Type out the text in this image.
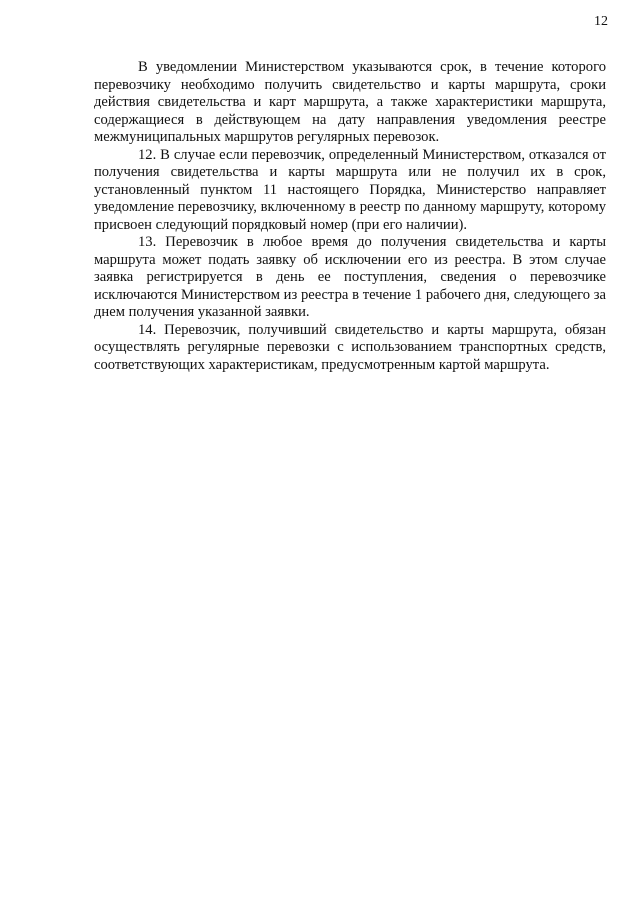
12

В уведомлении Министерством указываются срок, в течение которого перевозчику необходимо получить свидетельство и карты маршрута, сроки действия свидетельства и карт маршрута, а также характеристики маршрута, содержащиеся в действующем на дату направления уведомления реестре межмуниципальных маршрутов регулярных перевозок.

12. В случае если перевозчик, определенный Министерством, отказался от получения свидетельства и карты маршрута или не получил их в срок, установленный пунктом 11 настоящего Порядка, Министерство направляет уведомление перевозчику, включенному в реестр по данному маршруту, которому присвоен следующий порядковый номер (при его наличии).

13. Перевозчик в любое время до получения свидетельства и карты маршрута может подать заявку об исключении его из реестра. В этом случае заявка регистрируется в день ее поступления, сведения о перевозчике исключаются Министерством из реестра в течение 1 рабочего дня, следующего за днем получения указанной заявки.

14. Перевозчик, получивший свидетельство и карты маршрута, обязан осуществлять регулярные перевозки с использованием транспортных средств, соответствующих характеристикам, предусмотренным картой маршрута.
